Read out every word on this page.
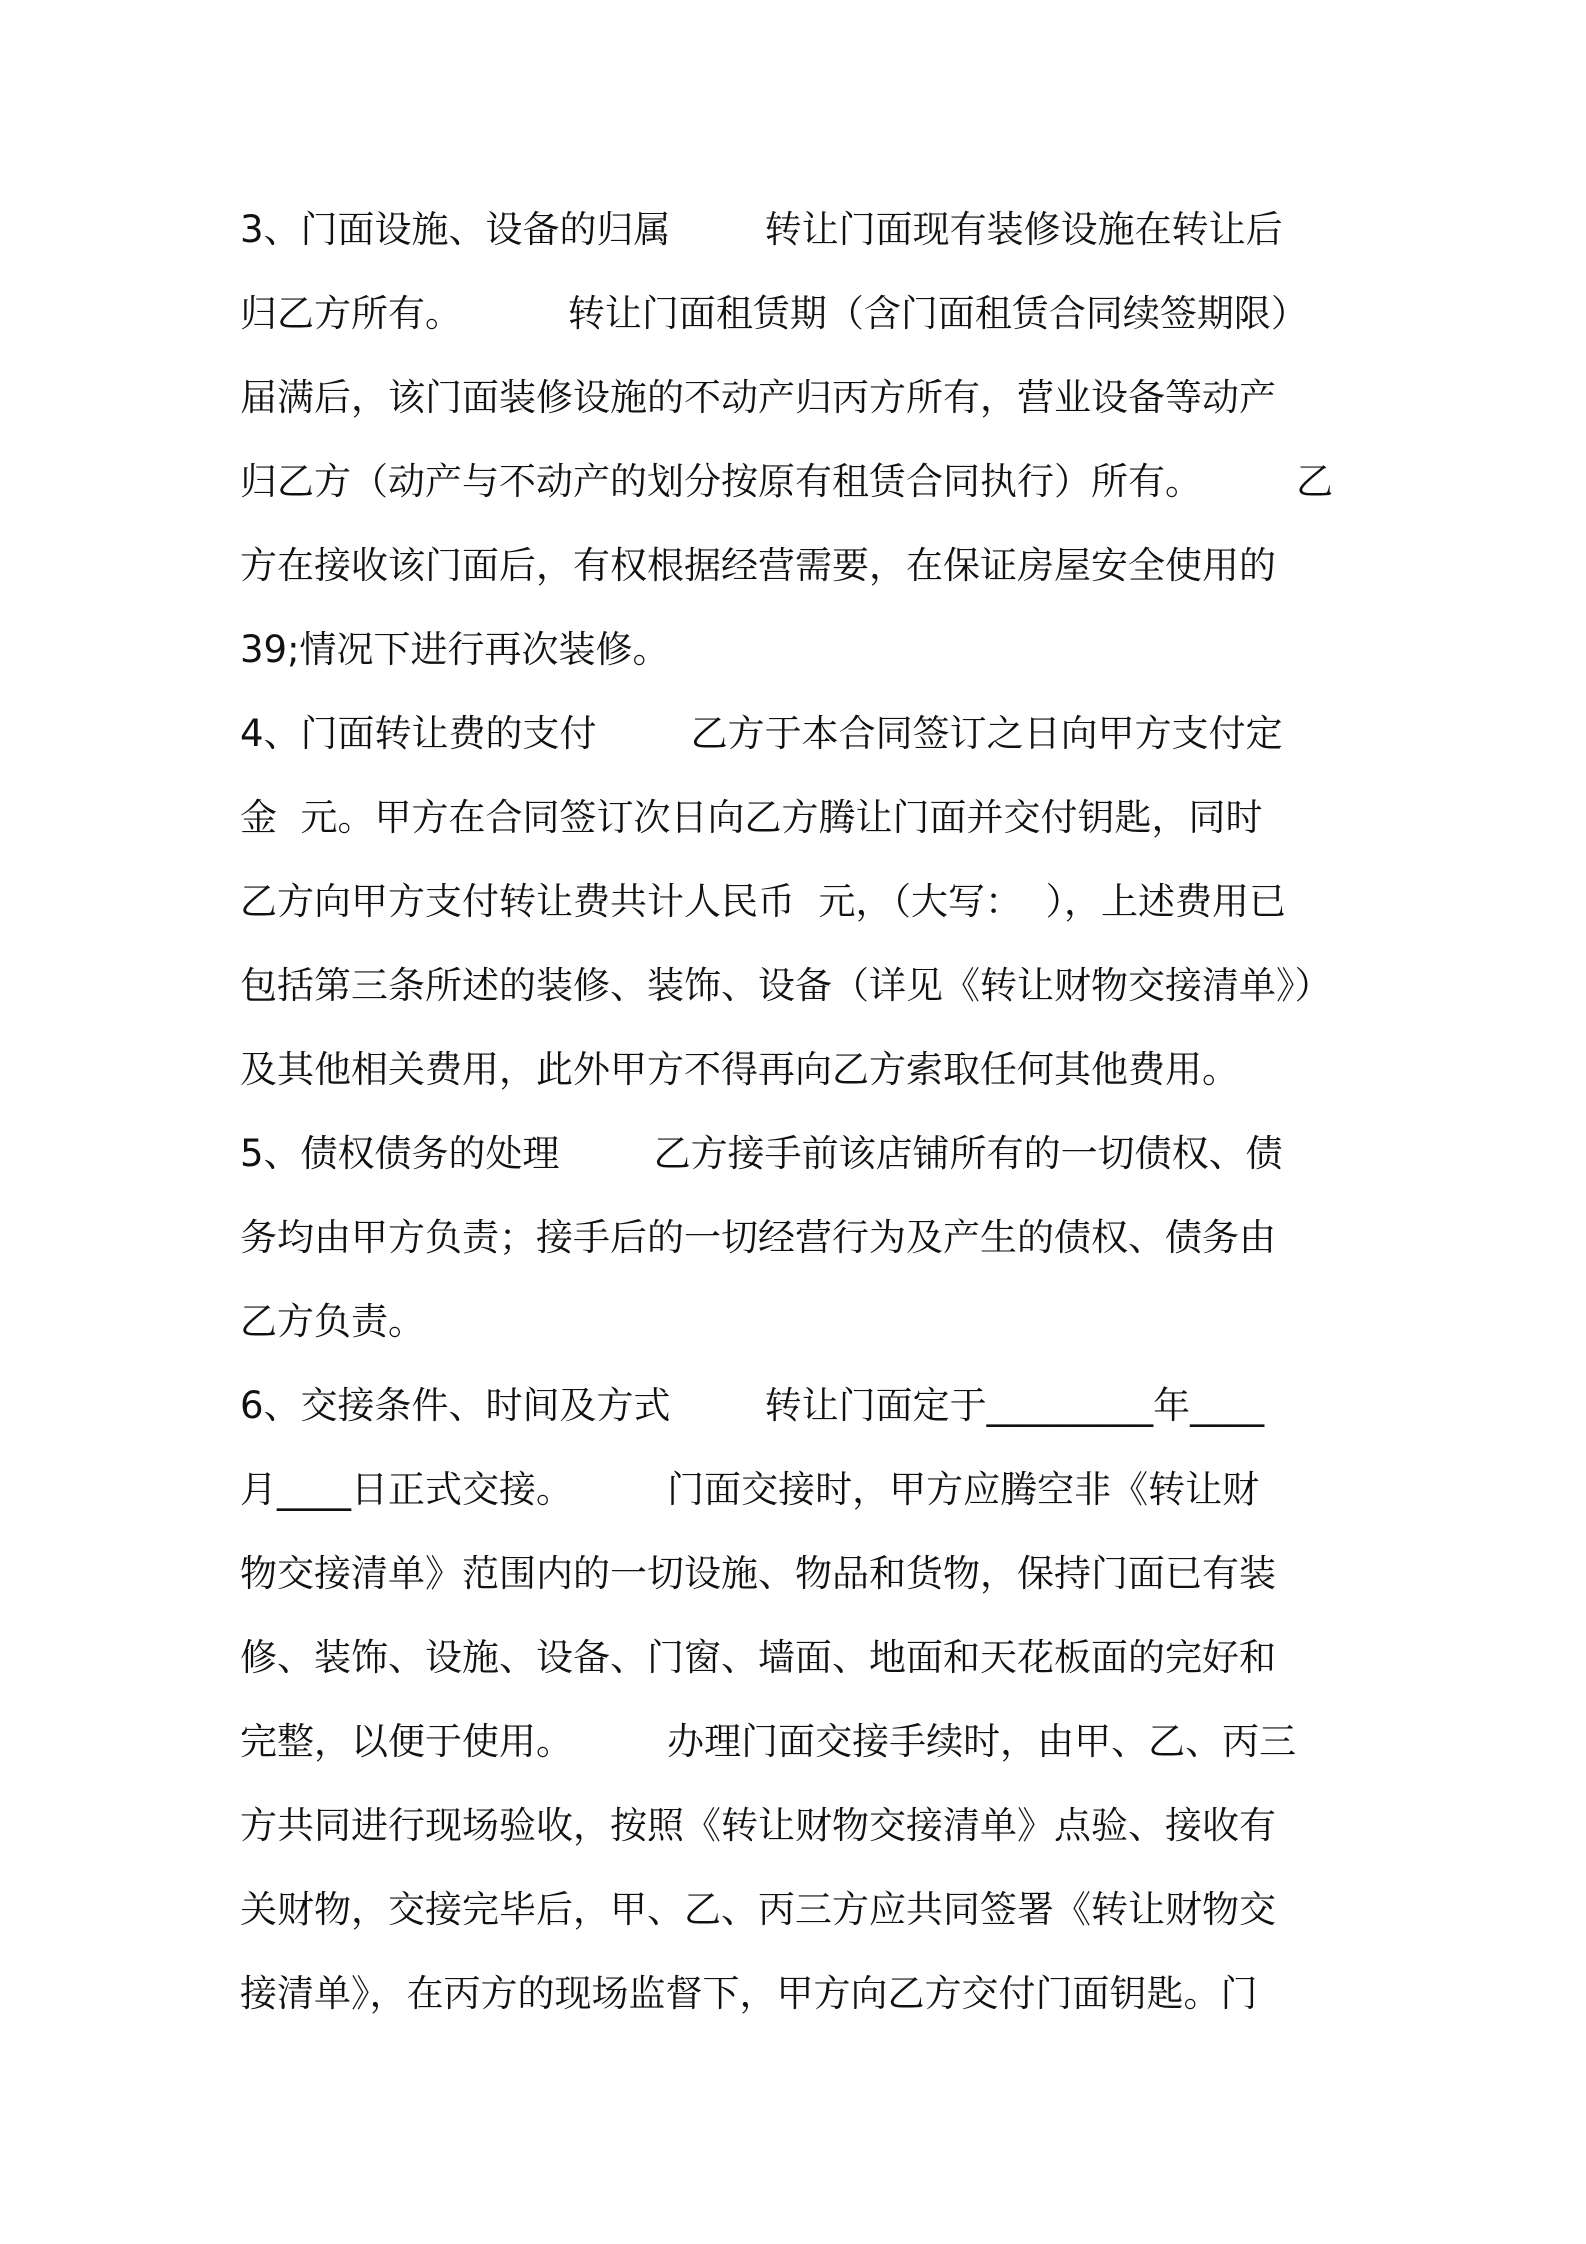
3、门面设施、设备的归属        转让门面现有装修设施在转让后
归乙方所有。         转让门面租赁期（含门面租赁合同续签期限）
届满后，该门面装修设施的不动产归丙方所有，营业设备等动产
归乙方（动产与不动产的划分按原有租赁合同执行）所有。        乙
方在接收该门面后，有权根据经营需要，在保证房屋安全使用的
39;情况下进行再次装修。
4、门面转让费的支付        乙方于本合同签订之日向甲方支付定
金  元。甲方在合同签订次日向乙方腾让门面并交付钥匙，同时
乙方向甲方支付转让费共计人民币  元，（大写：  ），上述费用已
包括第三条所述的装修、装饰、设备（详见《转让财物交接清单》）
及其他相关费用，此外甲方不得再向乙方索取任何其他费用。
5、债权债务的处理        乙方接手前该店铺所有的一切债权、债
务均由甲方负责；接手后的一切经营行为及产生的债权、债务由
乙方负责。
6、交接条件、时间及方式        转让门面定于_________年____
月____日正式交接。        门面交接时，甲方应腾空非《转让财
物交接清单》范围内的一切设施、物品和货物，保持门面已有装
修、装饰、设施、设备、门窗、墙面、地面和天花板面的完好和
完整，以便于使用。        办理门面交接手续时，由甲、乙、丙三
方共同进行现场验收，按照《转让财物交接清单》点验、接收有
关财物，交接完毕后，甲、乙、丙三方应共同签署《转让财物交
接清单》，在丙方的现场监督下，甲方向乙方交付门面钥匙。门
